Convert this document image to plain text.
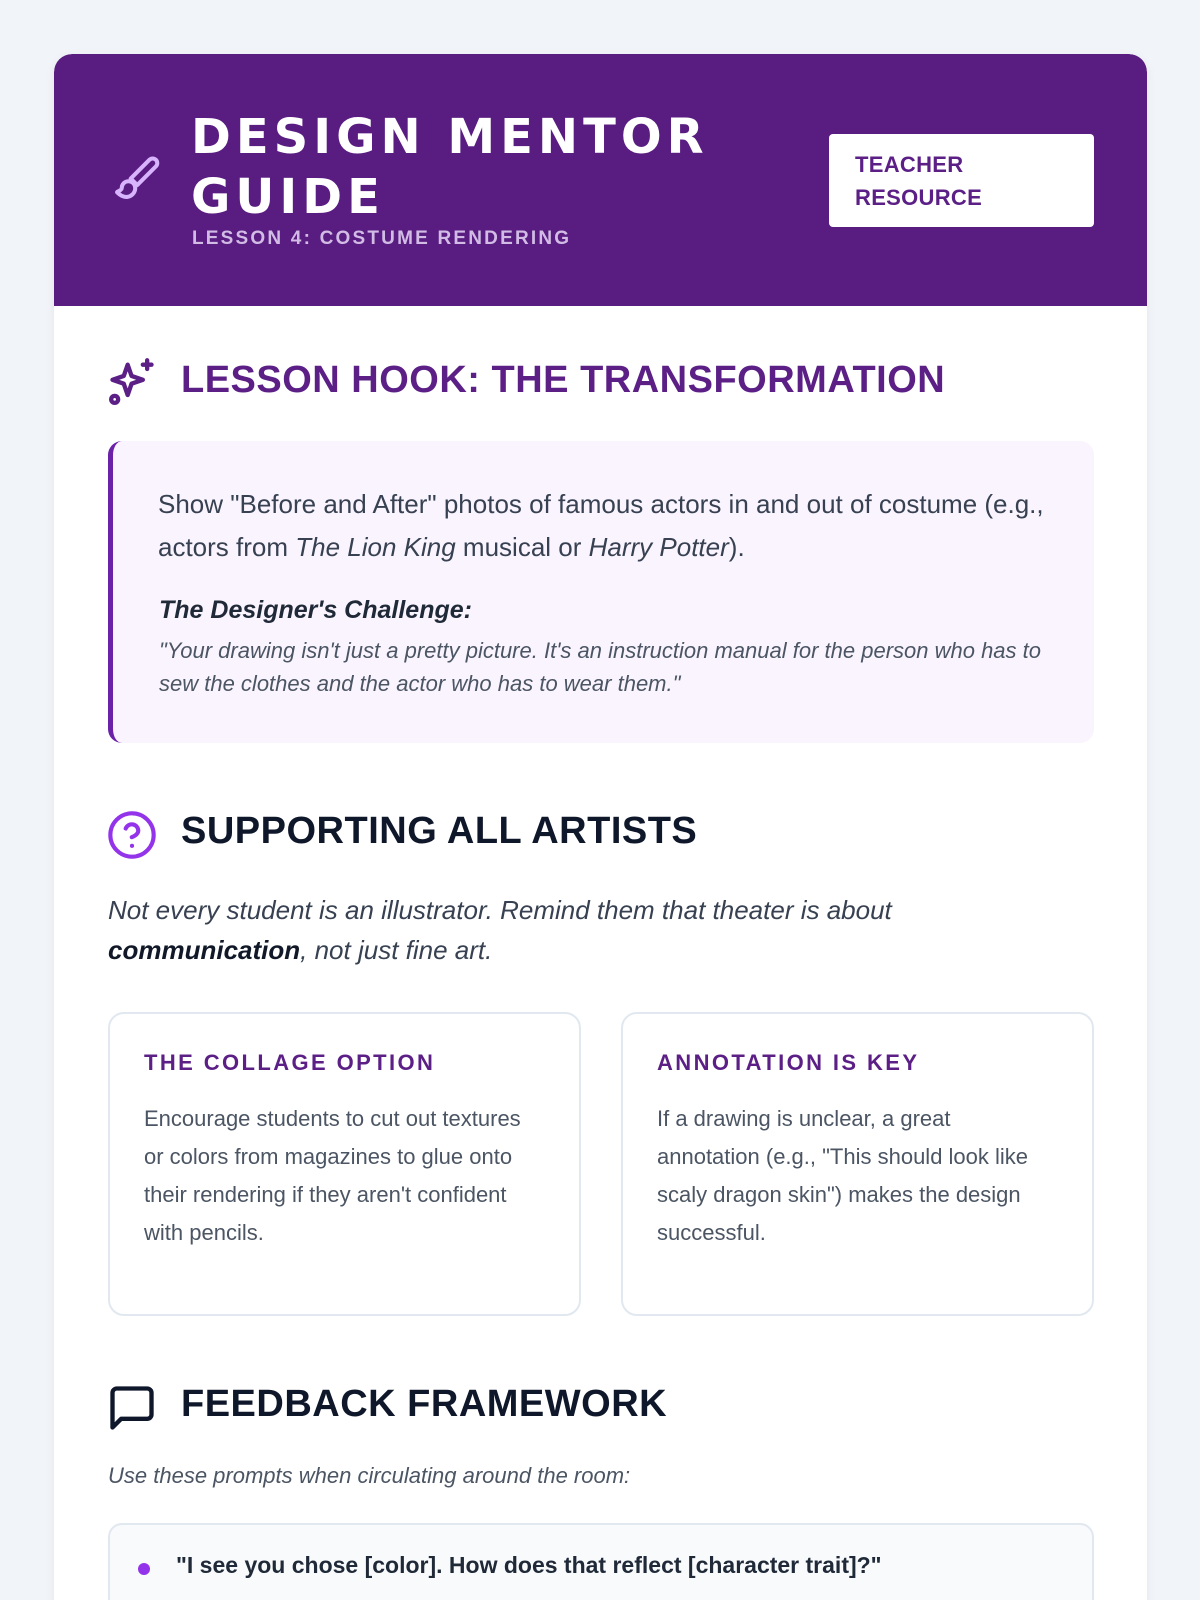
DESIGN MENTOR GUIDE
LESSON 4: COSTUME RENDERING
TEACHER
RESOURCE
LESSON HOOK: THE TRANSFORMATION
Show "Before and After" photos of famous actors in and out of costume (e.g., actors from The Lion King musical or Harry Potter).
The Designer's Challenge:
"Your drawing isn't just a pretty picture. It's an instruction manual for the person who has to sew the clothes and the actor who has to wear them."
SUPPORTING ALL ARTISTS
Not every student is an illustrator. Remind them that theater is about communication, not just fine art.
THE COLLAGE OPTION
Encourage students to cut out textures or colors from magazines to glue onto their rendering if they aren't confident with pencils.
ANNOTATION IS KEY
If a drawing is unclear, a great annotation (e.g., "This should look like scaly dragon skin") makes the design successful.
FEEDBACK FRAMEWORK
Use these prompts when circulating around the room:
"I see you chose [color]. How does that reflect [character trait]?"
